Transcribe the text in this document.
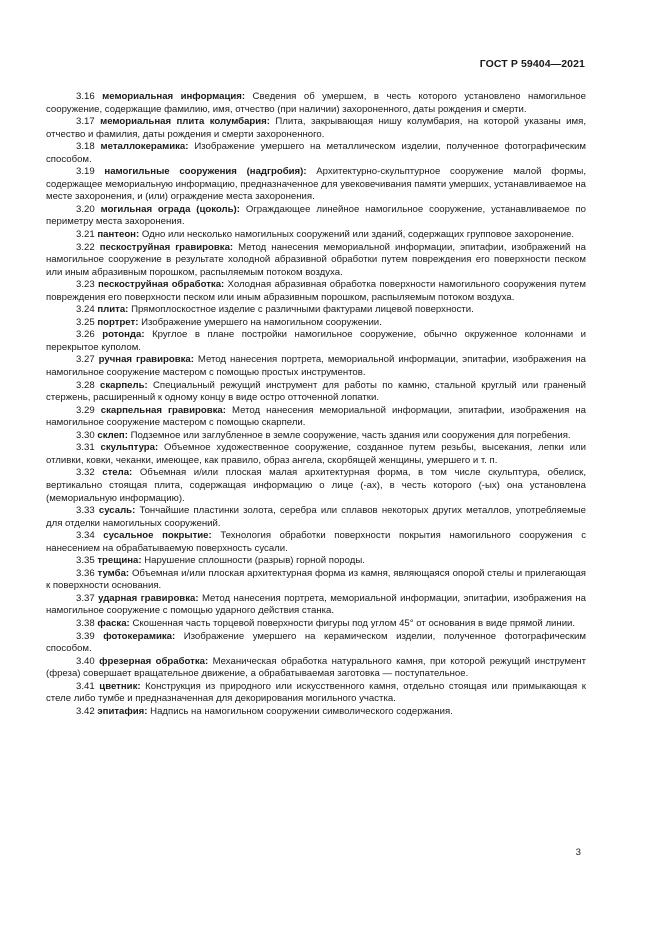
ГОСТ Р 59404—2021

3.16 мемориальная информация: Сведения об умершем, в честь которого установлено намогильное сооружение, содержащие фамилию, имя, отчество (при наличии) захороненного, даты рождения и смерти.

3.17 мемориальная плита колумбария: Плита, закрывающая нишу колумбария, на которой указаны имя, отчество и фамилия, даты рождения и смерти захороненного.

3.18 металлокерамика: Изображение умершего на металлическом изделии, полученное фотографическим способом.

3.19 намогильные сооружения (надгробия): Архитектурно-скульптурное сооружение малой формы, содержащее мемориальную информацию, предназначенное для увековечивания памяти умерших, устанавливаемое на месте захоронения, и (или) ограждение места захоронения.

3.20 могильная ограда (цоколь): Ограждающее линейное намогильное сооружение, устанавливаемое по периметру места захоронения.

3.21 пантеон: Одно или несколько намогильных сооружений или зданий, содержащих групповое захоронение.

3.22 пескоструйная гравировка: Метод нанесения мемориальной информации, эпитафии, изображений на намогильное сооружение в результате холодной абразивной обработки путем повреждения его поверхности песком или иным абразивным порошком, распыляемым потоком воздуха.

3.23 пескоструйная обработка: Холодная абразивная обработка поверхности намогильного сооружения путем повреждения его поверхности песком или иным абразивным порошком, распыляемым потоком воздуха.

3.24 плита: Прямоплоскостное изделие с различными фактурами лицевой поверхности.

3.25 портрет: Изображение умершего на намогильном сооружении.

3.26 ротонда: Круглое в плане постройки намогильное сооружение, обычно окруженное колоннами и перекрытое куполом.

3.27 ручная гравировка: Метод нанесения портрета, мемориальной информации, эпитафии, изображения на намогильное сооружение мастером с помощью простых инструментов.

3.28 скарпель: Специальный режущий инструмент для работы по камню, стальной круглый или граненый стержень, расширенный к одному концу в виде остро отточенной лопатки.

3.29 скарпельная гравировка: Метод нанесения мемориальной информации, эпитафии, изображения на намогильное сооружение мастером с помощью скарпели.

3.30 склеп: Подземное или заглубленное в земле сооружение, часть здания или сооружения для погребения.

3.31 скульптура: Объемное художественное сооружение, созданное путем резьбы, высекания, лепки или отливки, ковки, чеканки, имеющее, как правило, образ ангела, скорбящей женщины, умершего и т. п.

3.32 стела: Объемная и/или плоская малая архитектурная форма, в том числе скульптура, обелиск, вертикально стоящая плита, содержащая информацию о лице (-ах), в честь которого (-ых) она установлена (мемориальную информацию).

3.33 сусаль: Тончайшие пластинки золота, серебра или сплавов некоторых других металлов, употребляемые для отделки намогильных сооружений.

3.34 сусальное покрытие: Технология обработки поверхности покрытия намогильного сооружения с нанесением на обрабатываемую поверхность сусали.

3.35 трещина: Нарушение сплошности (разрыв) горной породы.

3.36 тумба: Объемная и/или плоская архитектурная форма из камня, являющаяся опорой стелы и прилегающая к поверхности основания.

3.37 ударная гравировка: Метод нанесения портрета, мемориальной информации, эпитафии, изображения на намогильное сооружение с помощью ударного действия станка.

3.38 фаска: Скошенная часть торцевой поверхности фигуры под углом 45° от основания в виде прямой линии.

3.39 фотокерамика: Изображение умершего на керамическом изделии, полученное фотографическим способом.

3.40 фрезерная обработка: Механическая обработка натурального камня, при которой режущий инструмент (фреза) совершает вращательное движение, а обрабатываемая заготовка — поступательное.

3.41 цветник: Конструкция из природного или искусственного камня, отдельно стоящая или примыкающая к стеле либо тумбе и предназначенная для декорирования могильного участка.

3.42 эпитафия: Надпись на намогильном сооружении символического содержания.

3
